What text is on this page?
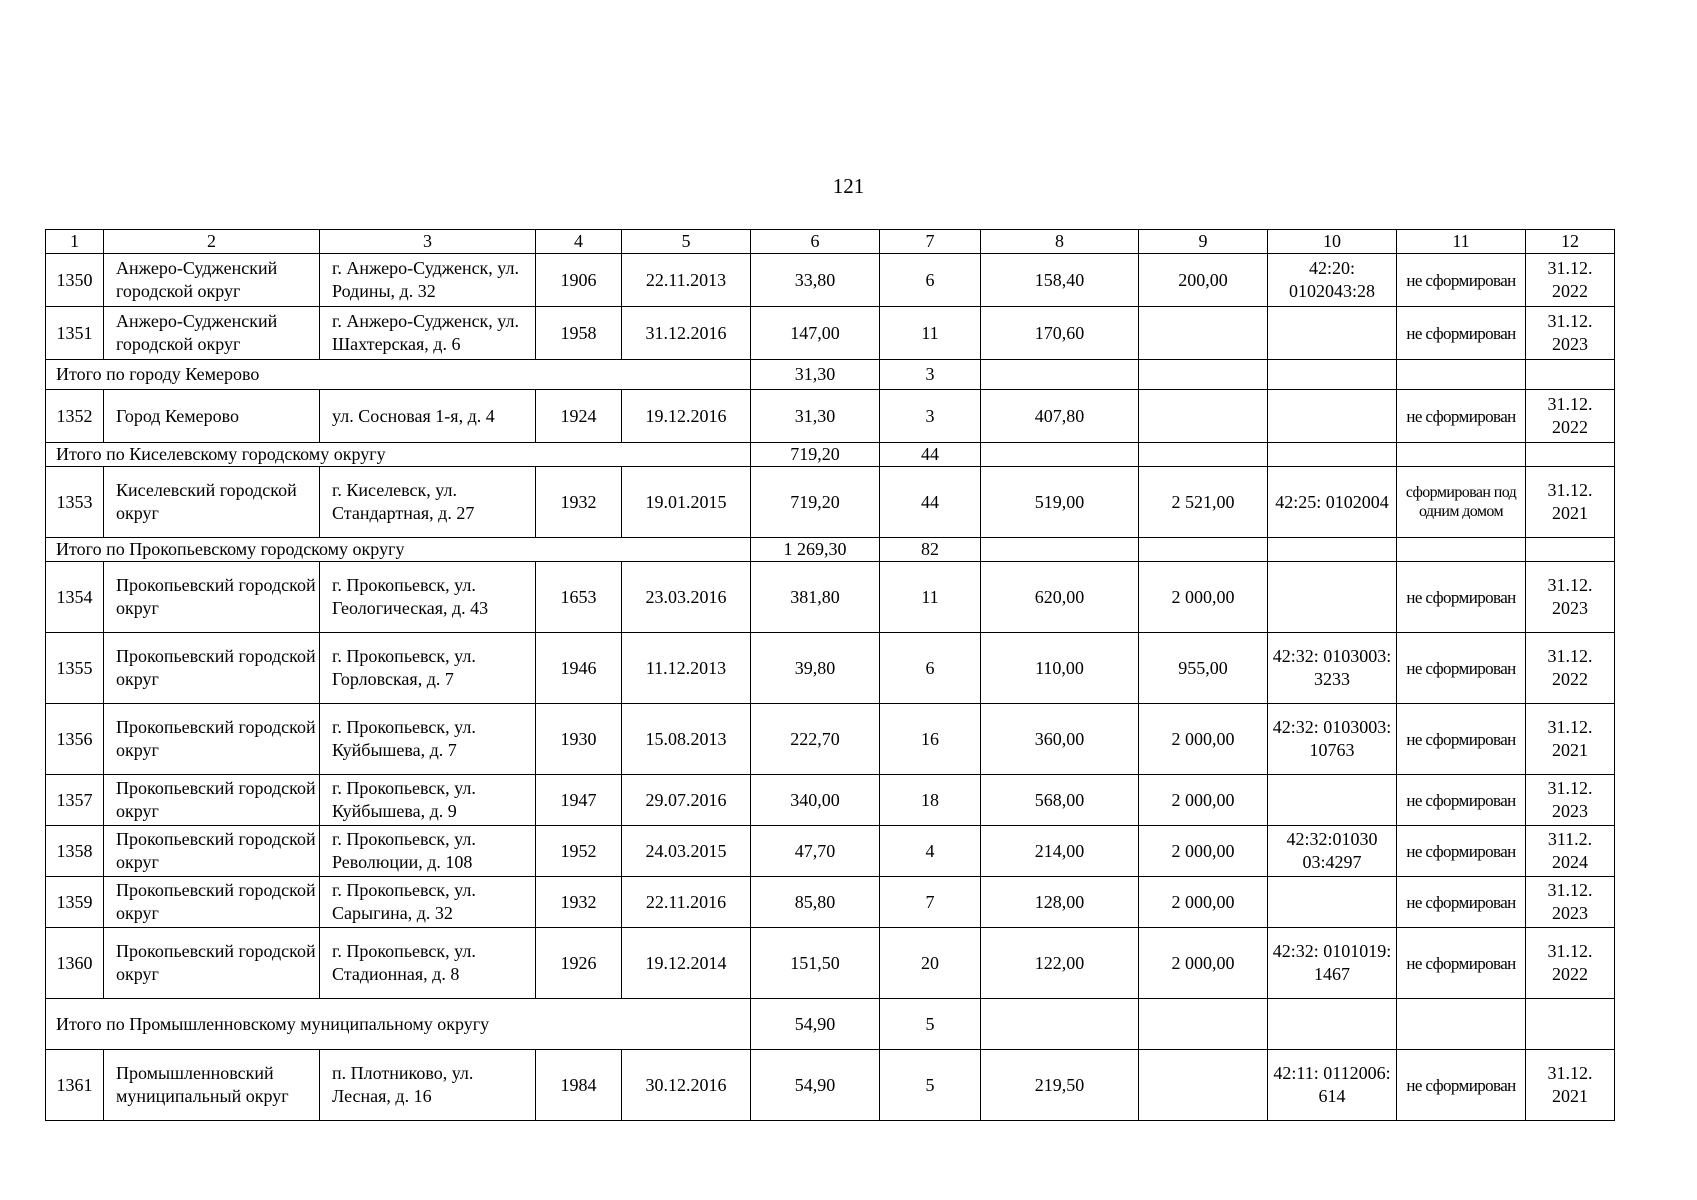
121
1	2	3	4	5	6	7	8	9	10	11	12
1350	Анжеро-Судженский городской округ	г. Анжеро-Судженск, ул. Родины, д. 32	1906	22.11.2013	33,80	6	158,40	200,00	42:20: 0102043:28	не сформирован	31.12. 2022
1351	Анжеро-Судженский городской округ	г. Анжеро-Судженск, ул. Шахтерская, д. 6	1958	31.12.2016	147,00	11	170,60			не сформирован	31.12. 2023
Итого по городу Кемерово					31,30	3					
1352	Город Кемерово	ул. Сосновая 1-я, д. 4	1924	19.12.2016	31,30	3	407,80			не сформирован	31.12. 2022
Итого по Киселевскому городскому округу					719,20	44					
1353	Киселевский городской округ	г. Киселевск, ул. Стандартная, д. 27	1932	19.01.2015	719,20	44	519,00	2 521,00	42:25: 0102004	сформирован под одним домом	31.12. 2021
Итого по Прокопьевскому городскому округу					1 269,30	82					
1354	Прокопьевский городской округ	г. Прокопьевск, ул. Геологическая, д. 43	1653	23.03.2016	381,80	11	620,00	2 000,00		не сформирован	31.12. 2023
1355	Прокопьевский городской округ	г. Прокопьевск, ул. Горловская, д. 7	1946	11.12.2013	39,80	6	110,00	955,00	42:32: 0103003: 3233	не сформирован	31.12. 2022
1356	Прокопьевский городской округ	г. Прокопьевск, ул. Куйбышева, д. 7	1930	15.08.2013	222,70	16	360,00	2 000,00	42:32: 0103003: 10763	не сформирован	31.12. 2021
1357	Прокопьевский городской округ	г. Прокопьевск, ул. Куйбышева, д. 9	1947	29.07.2016	340,00	18	568,00	2 000,00		не сформирован	31.12. 2023
1358	Прокопьевский городской округ	г. Прокопьевск, ул. Революции, д. 108	1952	24.03.2015	47,70	4	214,00	2 000,00	42:32:01030 03:4297	не сформирован	311.2. 2024
1359	Прокопьевский городской округ	г. Прокопьевск, ул. Сарыгина, д. 32	1932	22.11.2016	85,80	7	128,00	2 000,00		не сформирован	31.12. 2023
1360	Прокопьевский городской округ	г. Прокопьевск, ул. Стадионная, д. 8	1926	19.12.2014	151,50	20	122,00	2 000,00	42:32: 0101019: 1467	не сформирован	31.12. 2022
Итого по Промышленновскому муниципальному округу					54,90	5					
1361	Промышленновский муниципальный округ	п. Плотниково, ул. Лесная, д. 16	1984	30.12.2016	54,90	5	219,50		42:11: 0112006: 614	не сформирован	31.12. 2021
